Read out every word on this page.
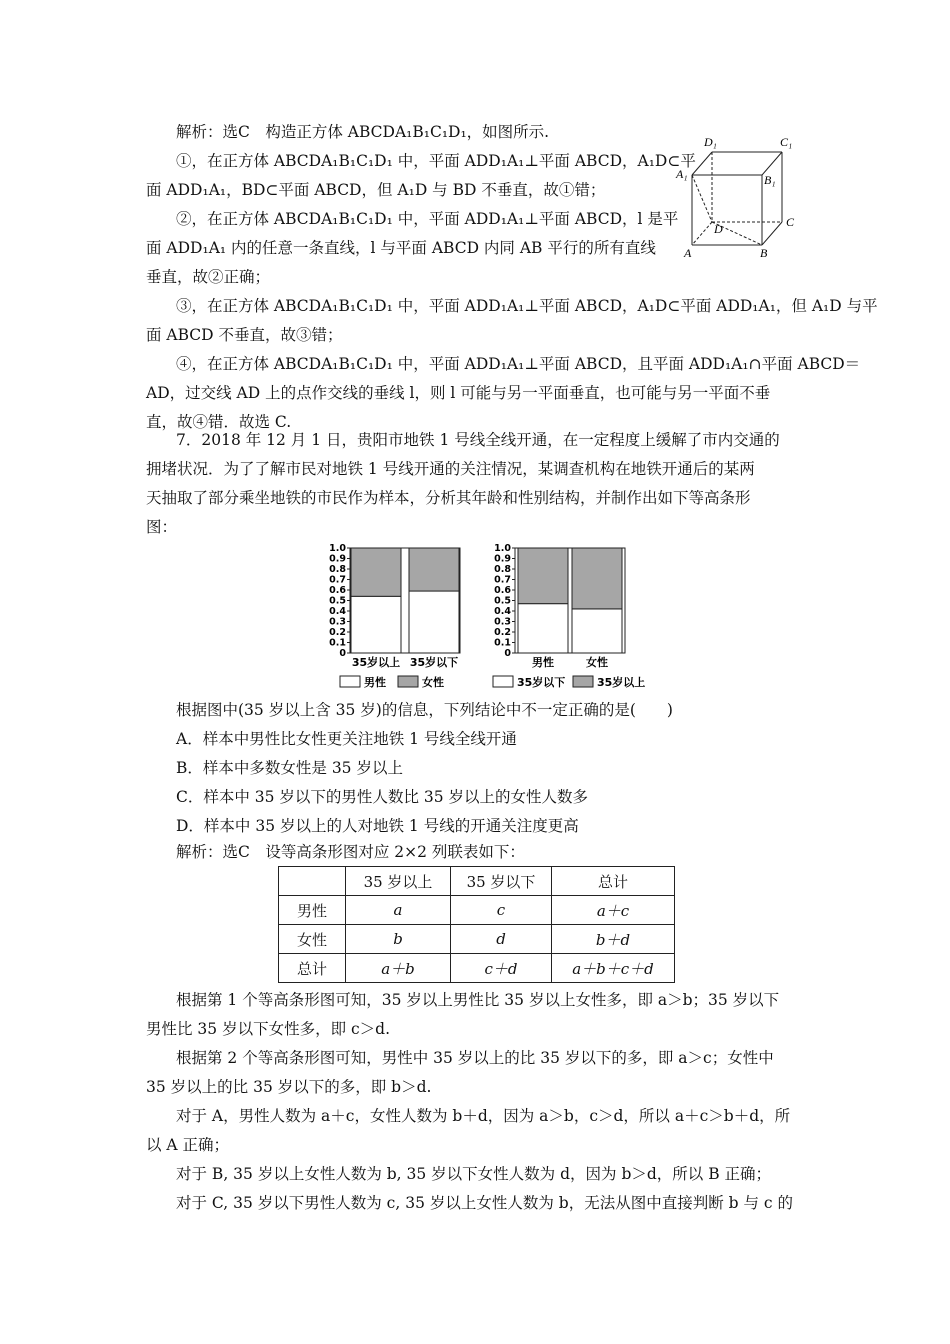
解析：选C　构造正方体 ABCDA₁B₁C₁D₁，如图所示.
①，在正方体 ABCDA₁B₁C₁D₁ 中，平面 ADD₁A₁⊥平面 ABCD，A₁D⊂平
面 ADD₁A₁，BD⊂平面 ABCD，但 A₁D 与 BD 不垂直，故①错；
②，在正方体 ABCDA₁B₁C₁D₁ 中，平面 ADD₁A₁⊥平面 ABCD，l 是平
面 ADD₁A₁ 内的任意一条直线，l 与平面 ABCD 内同 AB 平行的所有直线
垂直，故②正确；
③，在正方体 ABCDA₁B₁C₁D₁ 中，平面 ADD₁A₁⊥平面 ABCD，A₁D⊂平面 ADD₁A₁，但 A₁D 与平
面 ABCD 不垂直，故③错；
④，在正方体 ABCDA₁B₁C₁D₁ 中，平面 ADD₁A₁⊥平面 ABCD，且平面 ADD₁A₁∩平面 ABCD＝
AD，过交线 AD 上的点作交线的垂线 l，则 l 可能与另一平面垂直，也可能与另一平面不垂
直，故④错．故选 C.
D₁	C₁
A₁	B₁
C
D
A	B
7．2018 年 12 月 1 日，贵阳市地铁 1 号线全线开通，在一定程度上缓解了市内交通的
拥堵状况．为了了解市民对地铁 1 号线开通的关注情况，某调查机构在地铁开通后的某两
天抽取了部分乘坐地铁的市民作为样本，分析其年龄和性别结构，并制作出如下等高条形
图：
0
0.1
0.2
0.3
0.4
0.5
0.6
0.7
0.8
0.9
1.0
35岁以上 35岁以下
男性	女性
0
0.1
0.2
0.3
0.4
0.5
0.6
0.7
0.8
0.9
1.0
男性	女性
35岁以下	35岁以上
根据图中(35 岁以上含 35 岁)的信息，下列结论中不一定正确的是(　　)
A．样本中男性比女性更关注地铁 1 号线全线开通
B．样本中多数女性是 35 岁以上
C．样本中 35 岁以下的男性人数比 35 岁以上的女性人数多
D．样本中 35 岁以上的人对地铁 1 号线的开通关注度更高
解析：选C　设等高条形图对应 2×2 列联表如下：
	35 岁以上	35 岁以下	总计
男性	a	c	a＋c
女性	b	d	b＋d
总计	a＋b	c＋d	a＋b＋c＋d
根据第 1 个等高条形图可知，35 岁以上男性比 35 岁以上女性多，即 a＞b；35 岁以下
男性比 35 岁以下女性多，即 c＞d.
根据第 2 个等高条形图可知，男性中 35 岁以上的比 35 岁以下的多，即 a＞c；女性中
35 岁以上的比 35 岁以下的多，即 b＞d.
对于 A，男性人数为 a＋c，女性人数为 b＋d，因为 a＞b，c＞d，所以 a＋c＞b＋d，所
以 A 正确；
对于 B, 35 岁以上女性人数为 b, 35 岁以下女性人数为 d，因为 b＞d，所以 B 正确；
对于 C, 35 岁以下男性人数为 c, 35 岁以上女性人数为 b，无法从图中直接判断 b 与 c 的
